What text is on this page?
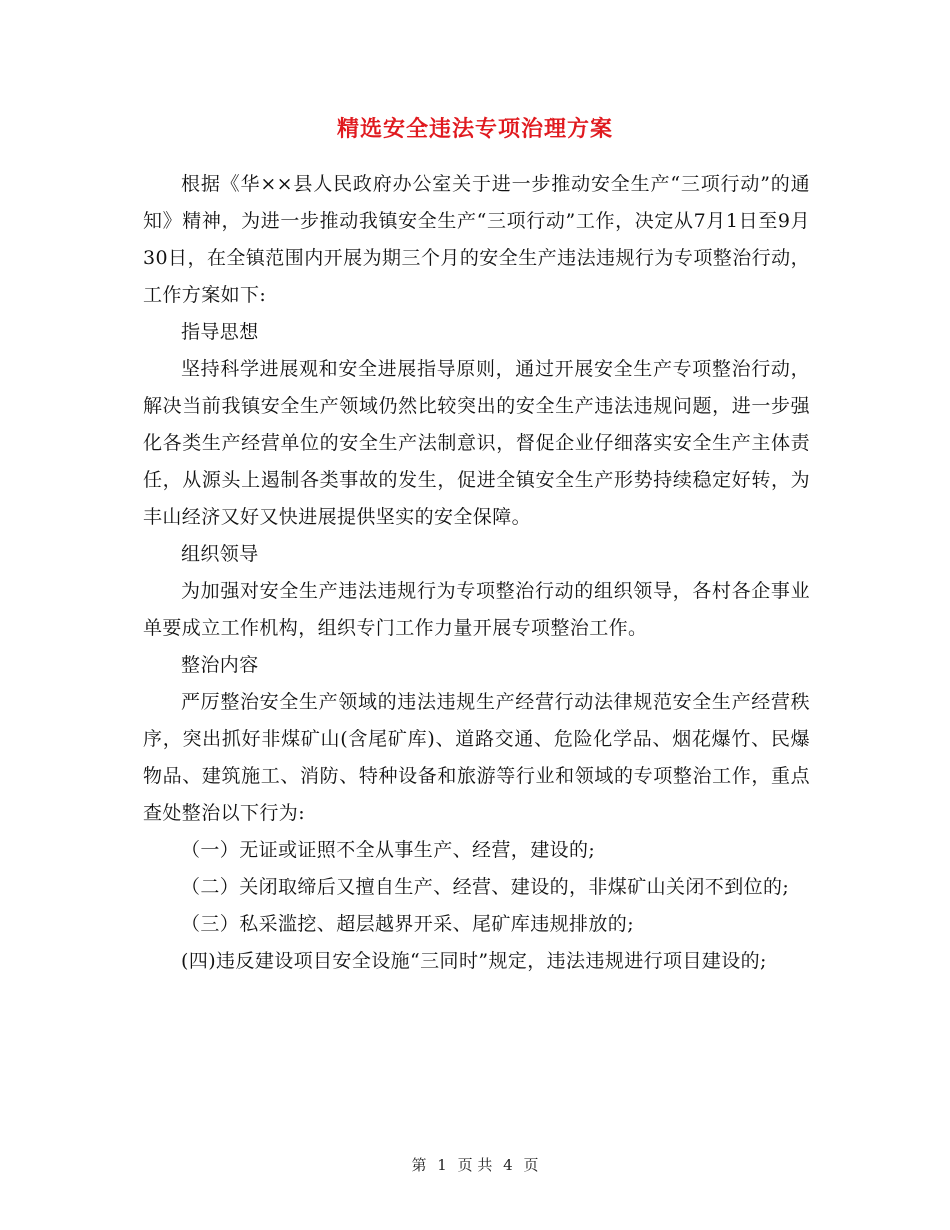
精选安全违法专项治理方案

根据《华××县人民政府办公室关于进一步推动安全生产“三项行动”的通知》精神，为进一步推动我镇安全生产“三项行动”工作，决定从7月1日至9月30日，在全镇范围内开展为期三个月的安全生产违法违规行为专项整治行动，工作方案如下:

指导思想

坚持科学进展观和安全进展指导原则，通过开展安全生产专项整治行动，解决当前我镇安全生产领域仍然比较突出的安全生产违法违规问题，进一步强化各类生产经营单位的安全生产法制意识，督促企业仔细落实安全生产主体责任，从源头上遏制各类事故的发生，促进全镇安全生产形势持续稳定好转，为丰山经济又好又快进展提供坚实的安全保障。

组织领导

为加强对安全生产违法违规行为专项整治行动的组织领导，各村各企事业单要成立工作机构，组织专门工作力量开展专项整治工作。

整治内容

严厉整治安全生产领域的违法违规生产经营行动法律规范安全生产经营秩序，突出抓好非煤矿山(含尾矿库)、道路交通、危险化学品、烟花爆竹、民爆物品、建筑施工、消防、特种设备和旅游等行业和领域的专项整治工作，重点查处整治以下行为:

（一）无证或证照不全从事生产、经营，建设的;

（二）关闭取缔后又擅自生产、经营、建设的，非煤矿山关闭不到位的;

（三）私采滥挖、超层越界开采、尾矿库违规排放的;

(四)违反建设项目安全设施“三同时”规定，违法违规进行项目建设的;

第 1 页 共 4 页
